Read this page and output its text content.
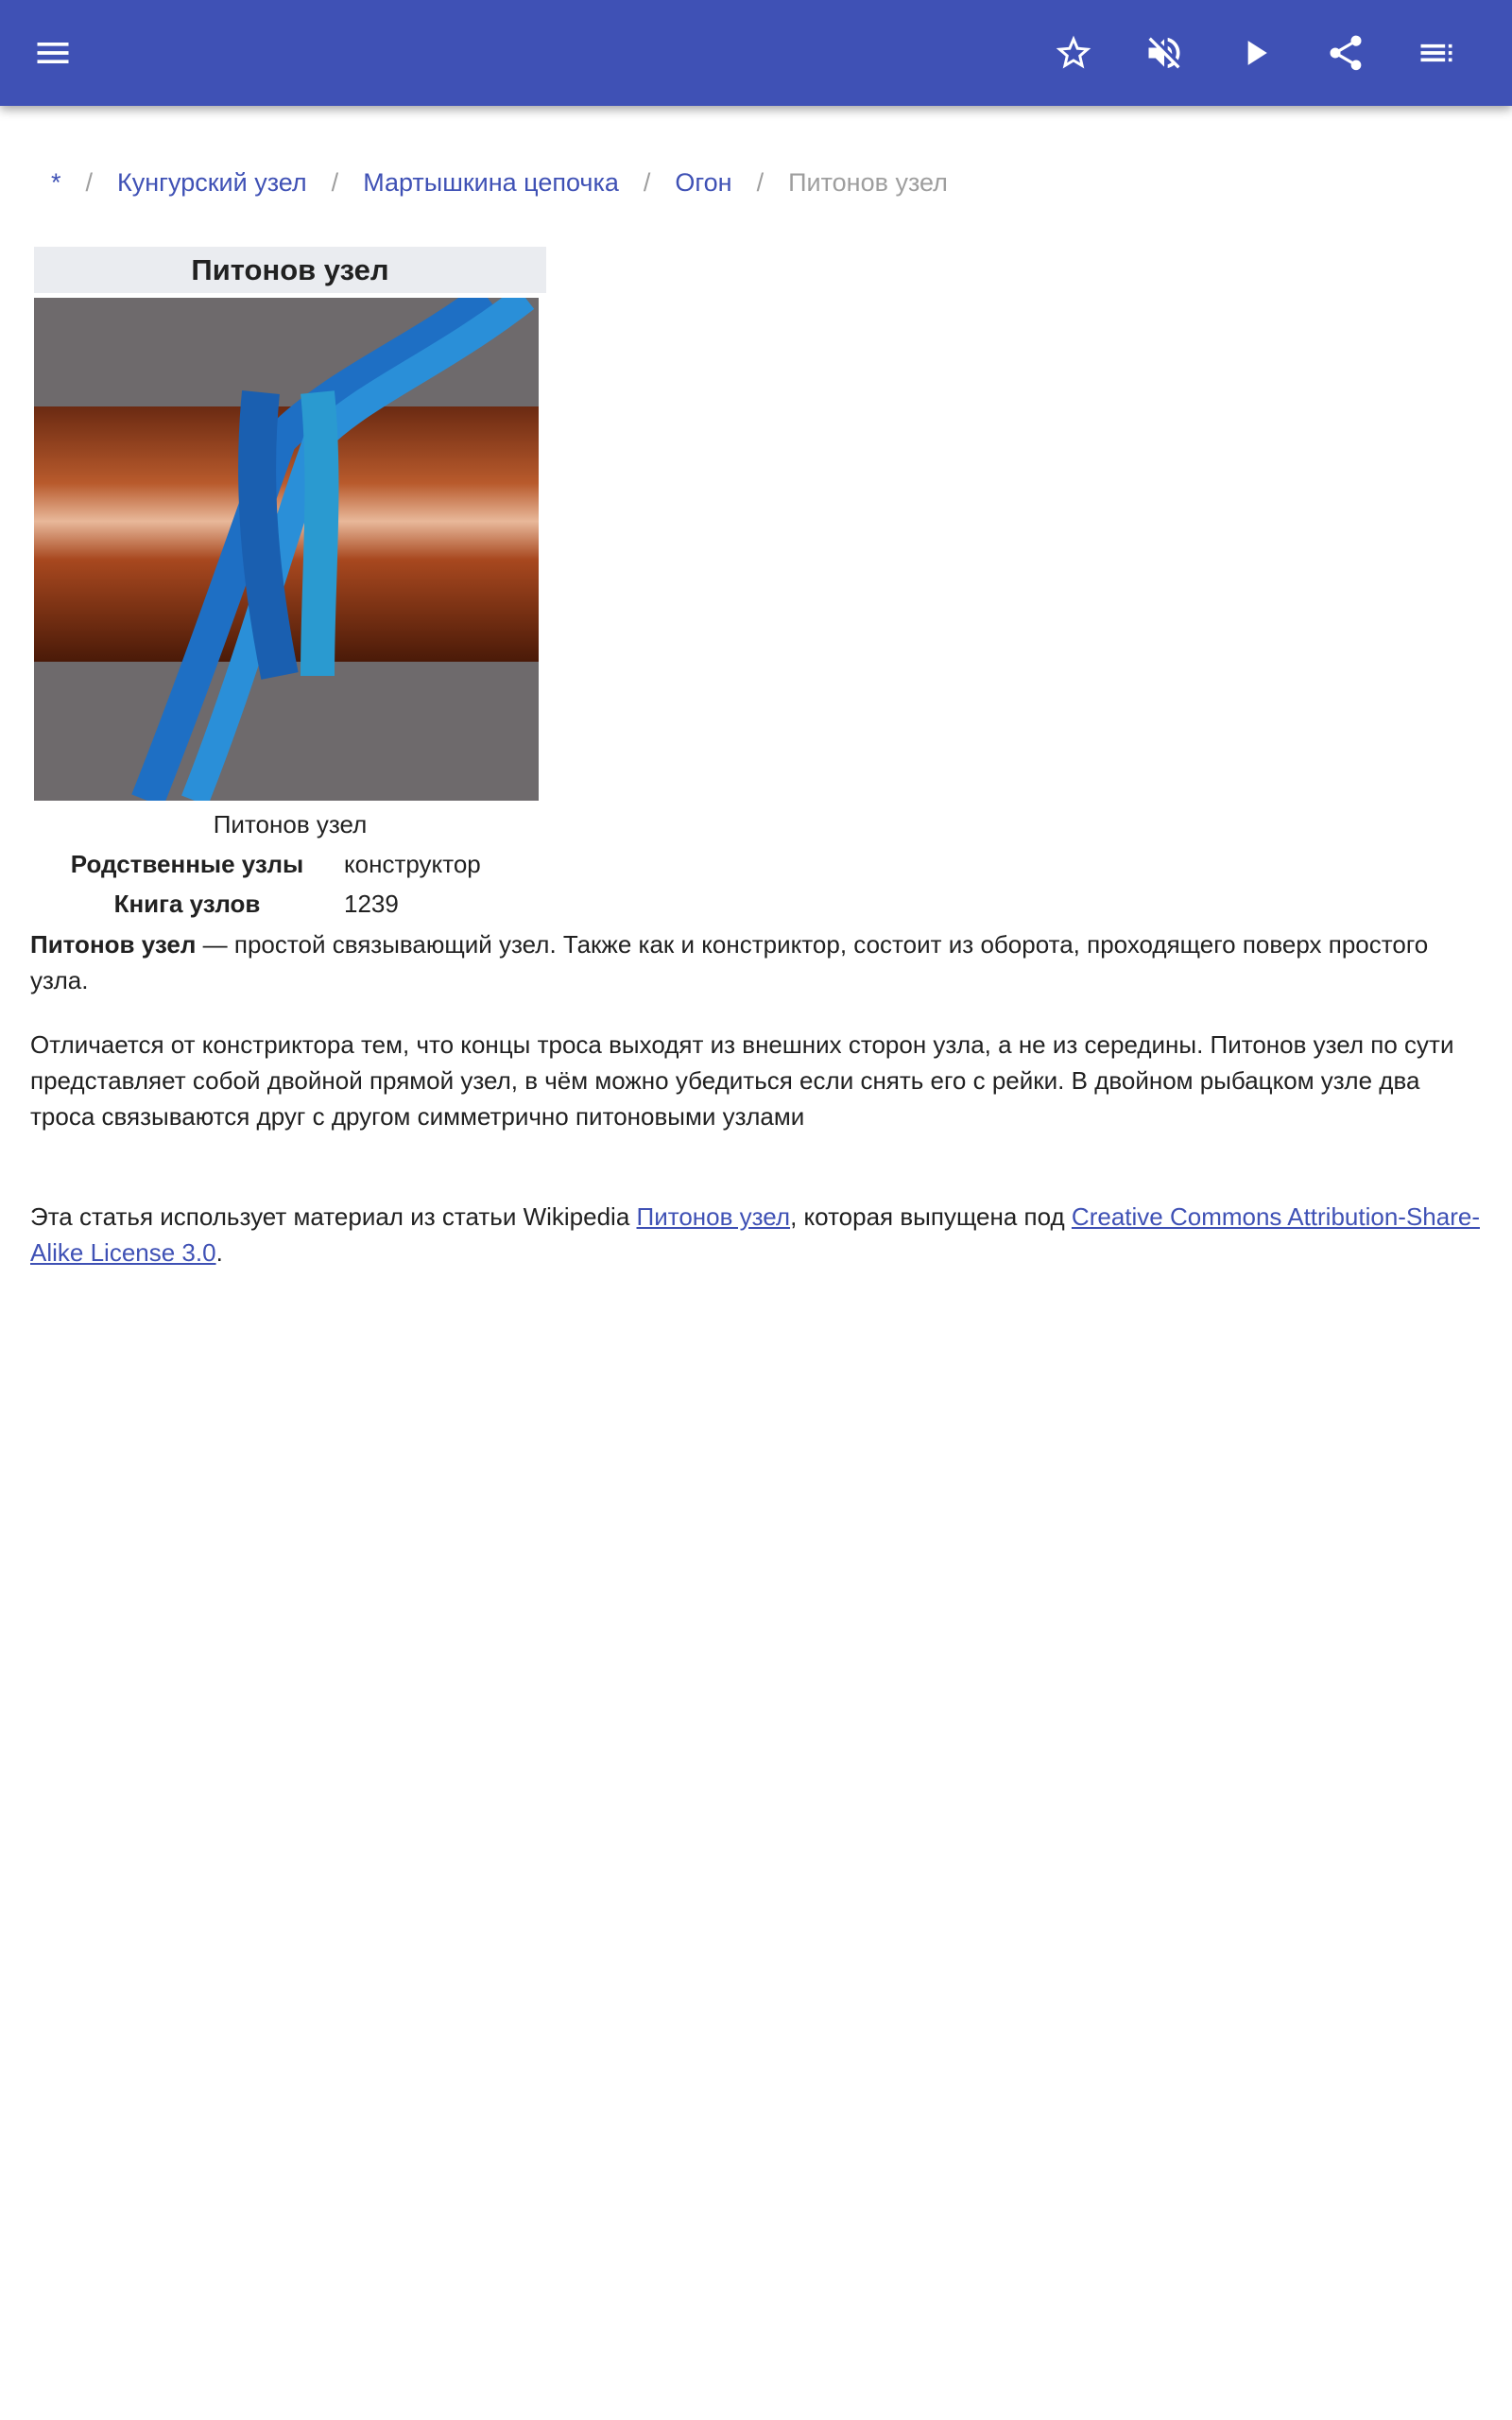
* / Кунгурский узел / Мартышкина цепочка / Огон / Питонов узел
Питонов узел
Питонов узел
Родственные узлы	конструктор
Книга узлов	1239

Питонов узел — простой связывающий узел. Также как и констриктор, состоит из оборота, проходящего поверх простого узла.

Отличается от констриктора тем, что концы троса выходят из внешних сторон узла, а не из середины. Питонов узел по сути представляет собой двойной прямой узел, в чём можно убедиться если снять его с рейки. В двойном рыбацком узле два троса связываются друг с другом симметрично питоновыми узлами

Эта статья использует материал из статьи Wikipedia Питонов узел, которая выпущена под Creative Commons Attribution-Share-Alike License 3.0.
